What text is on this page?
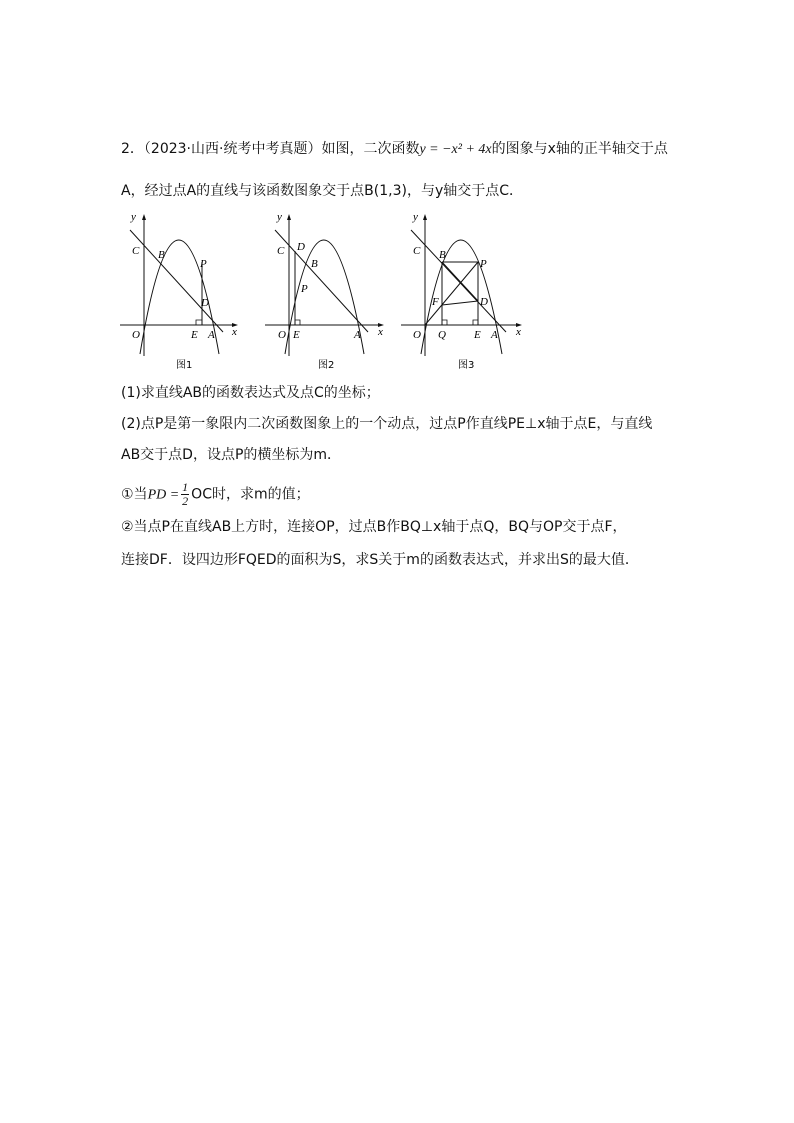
2．（2023·山西·统考中考真题）如图，二次函数y = −x² + 4x的图象与x轴的正半轴交于点
A，经过点A的直线与该函数图象交于点B(1,3)，与y轴交于点C．
y
x
O
C B
P
D
E A
图1
y
x
O
C D
B
P
E	A
图2
y
x
O
C B
P
F	D
Q	E A
图3
(1)求直线AB的函数表达式及点C的坐标；
(2)点P是第一象限内二次函数图象上的一个动点，过点P作直线PE⊥x轴于点E，与直线
AB交于点D，设点P的横坐标为m．
①当PD = $\frac{1}{2}$ OC时，求m的值；
②当点P在直线AB上方时，连接OP，过点B作BQ⊥x轴于点Q，BQ与OP交于点F，
连接DF．设四边形FQED的面积为S，求S关于m的函数表达式，并求出S的最大值．
